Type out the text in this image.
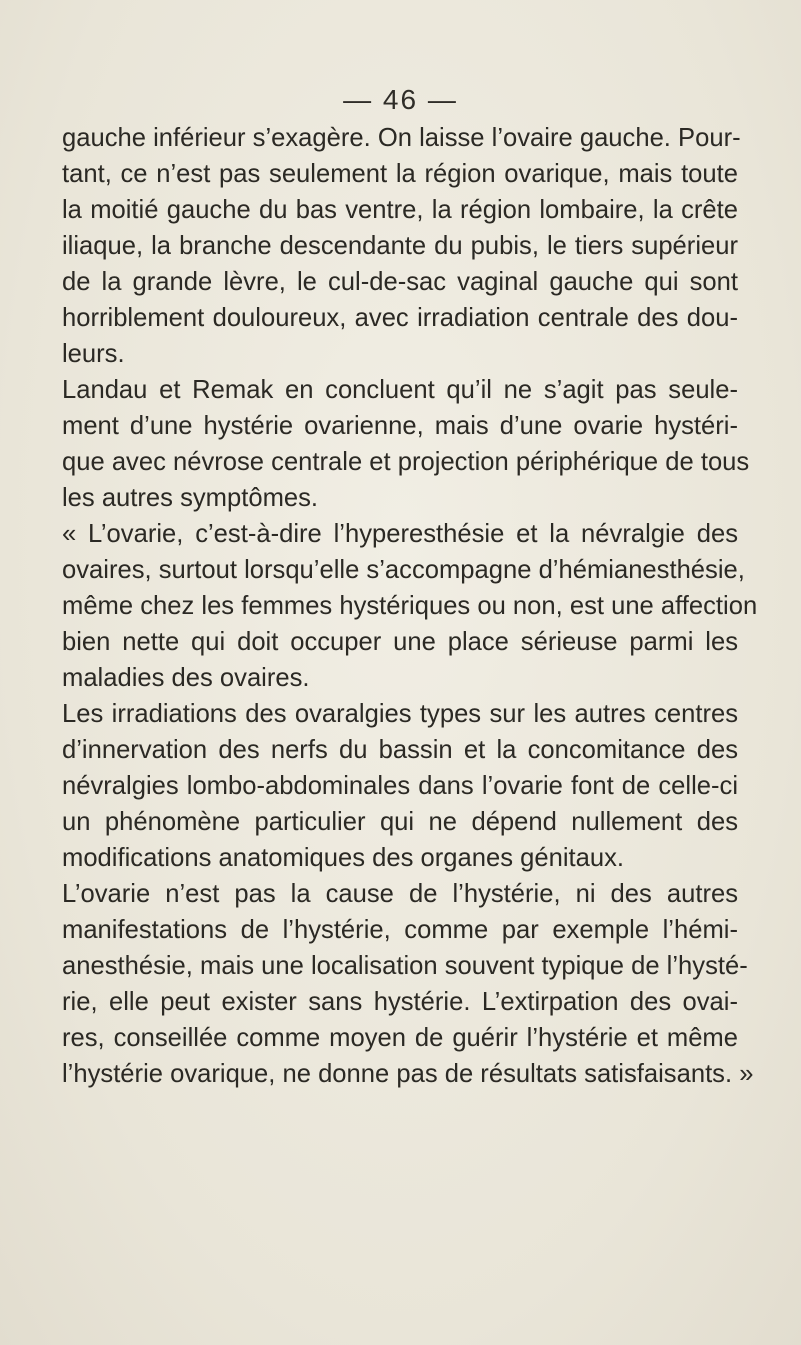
— 46 —
gauche inférieur s’exagère. On laisse l’ovaire gauche. Pour-
tant, ce n’est pas seulement la région ovarique, mais toute
la moitié gauche du bas ventre, la région lombaire, la crête
iliaque, la branche descendante du pubis, le tiers supérieur
de la grande lèvre, le cul-de-sac vaginal gauche qui sont
horriblement douloureux, avec irradiation centrale des dou-
leurs.
Landau et Remak en concluent qu’il ne s’agit pas seule-
ment d’une hystérie ovarienne, mais d’une ovarie hystéri-
que avec névrose centrale et projection périphérique de tous
les autres symptômes.
« L’ovarie, c’est-à-dire l’hyperesthésie et la névralgie des
ovaires, surtout lorsqu’elle s’accompagne d’hémianesthésie,
même chez les femmes hystériques ou non, est une affection
bien nette qui doit occuper une place sérieuse parmi les
maladies des ovaires.
Les irradiations des ovaralgies types sur les autres centres
d’innervation des nerfs du bassin et la concomitance des
névralgies lombo-abdominales dans l’ovarie font de celle-ci
un phénomène particulier qui ne dépend nullement des
modifications anatomiques des organes génitaux.
L’ovarie n’est pas la cause de l’hystérie, ni des autres
manifestations de l’hystérie, comme par exemple l’hémi-
anesthésie, mais une localisation souvent typique de l’hysté-
rie, elle peut exister sans hystérie. L’extirpation des ovai-
res, conseillée comme moyen de guérir l’hystérie et même
l’hystérie ovarique, ne donne pas de résultats satisfaisants. »
